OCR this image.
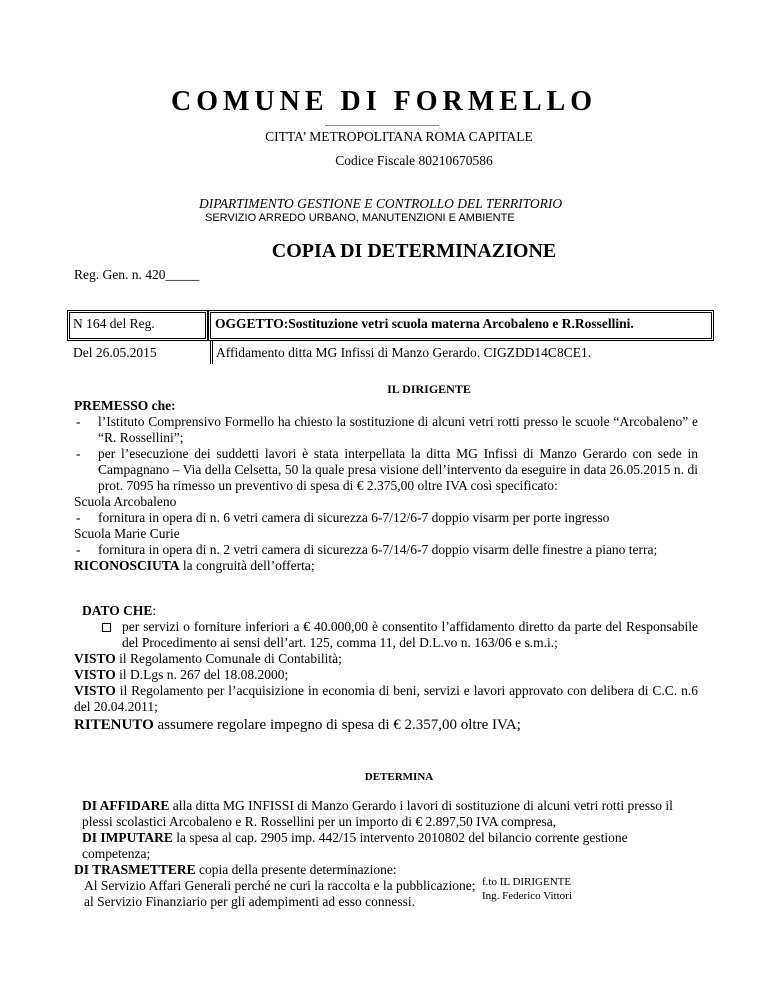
COMUNE DI FORMELLO

CITTA’ METROPOLITANA ROMA CAPITALE

Codice Fiscale 80210670586

DIPARTIMENTO GESTIONE E CONTROLLO DEL TERRITORIO

SERVIZIO ARREDO URBANO, MANUTENZIONI E AMBIENTE

COPIA DI DETERMINAZIONE

Reg. Gen. n. 420_____

N 164 del Reg.	OGGETTO:Sostituzione vetri scuola materna Arcobaleno e R.Rossellini.
Del 26.05.2015	Affidamento ditta MG Infissi di Manzo Gerardo. CIGZDD14C8CE1.

IL DIRIGENTE

PREMESSO che:

- l’Istituto Comprensivo Formello ha chiesto la sostituzione di alcuni vetri rotti presso le scuole “Arcobaleno” e “R. Rossellini”;

- per l’esecuzione dei suddetti lavori è stata interpellata la ditta MG Infissi di Manzo Gerardo con sede in Campagnano – Via della Celsetta, 50 la quale presa visione dell’intervento da eseguire in data 26.05.2015 n. di prot. 7095 ha rimesso un preventivo di spesa di € 2.375,00 oltre IVA così specificato:

Scuola Arcobaleno

- fornitura in opera di n. 6 vetri camera di sicurezza 6-7/12/6-7 doppio visarm per porte ingresso

Scuola Marie Curie

- fornitura in opera di n. 2 vetri camera di sicurezza 6-7/14/6-7 doppio visarm delle finestre a piano terra;

RICONOSCIUTA la congruità dell’offerta;

DATO CHE:

per servizi o forniture inferiori a € 40.000,00 è consentito l’affidamento diretto da parte del Responsabile del Procedimento ai sensi dell’art. 125, comma 11, del D.L.vo n. 163/06 e s.m.i.;

VISTO il Regolamento Comunale di Contabilità;

VISTO il D.Lgs n. 267 del 18.08.2000;

VISTO il Regolamento per l’acquisizione in economia di beni, servizi e lavori approvato con delibera di C.C. n.6 del 20.04.2011;

RITENUTO assumere regolare impegno di spesa di € 2.357,00 oltre IVA;

DETERMINA

DI AFFIDARE alla ditta MG INFISSI di Manzo Gerardo i lavori di sostituzione di alcuni vetri rotti presso il plessi scolastici Arcobaleno e R. Rossellini per un importo di € 2.897,50 IVA compresa,

DI IMPUTARE la spesa al cap. 2905 imp. 442/15 intervento 2010802 del bilancio corrente gestione competenza;

DI TRASMETTERE copia della presente determinazione:

Al Servizio Affari Generali perché ne curi la raccolta e la pubblicazione;

al Servizio Finanziario per gli adempimenti ad esso connessi.

f.to IL DIRIGENTE

Ing. Federico Vittori
